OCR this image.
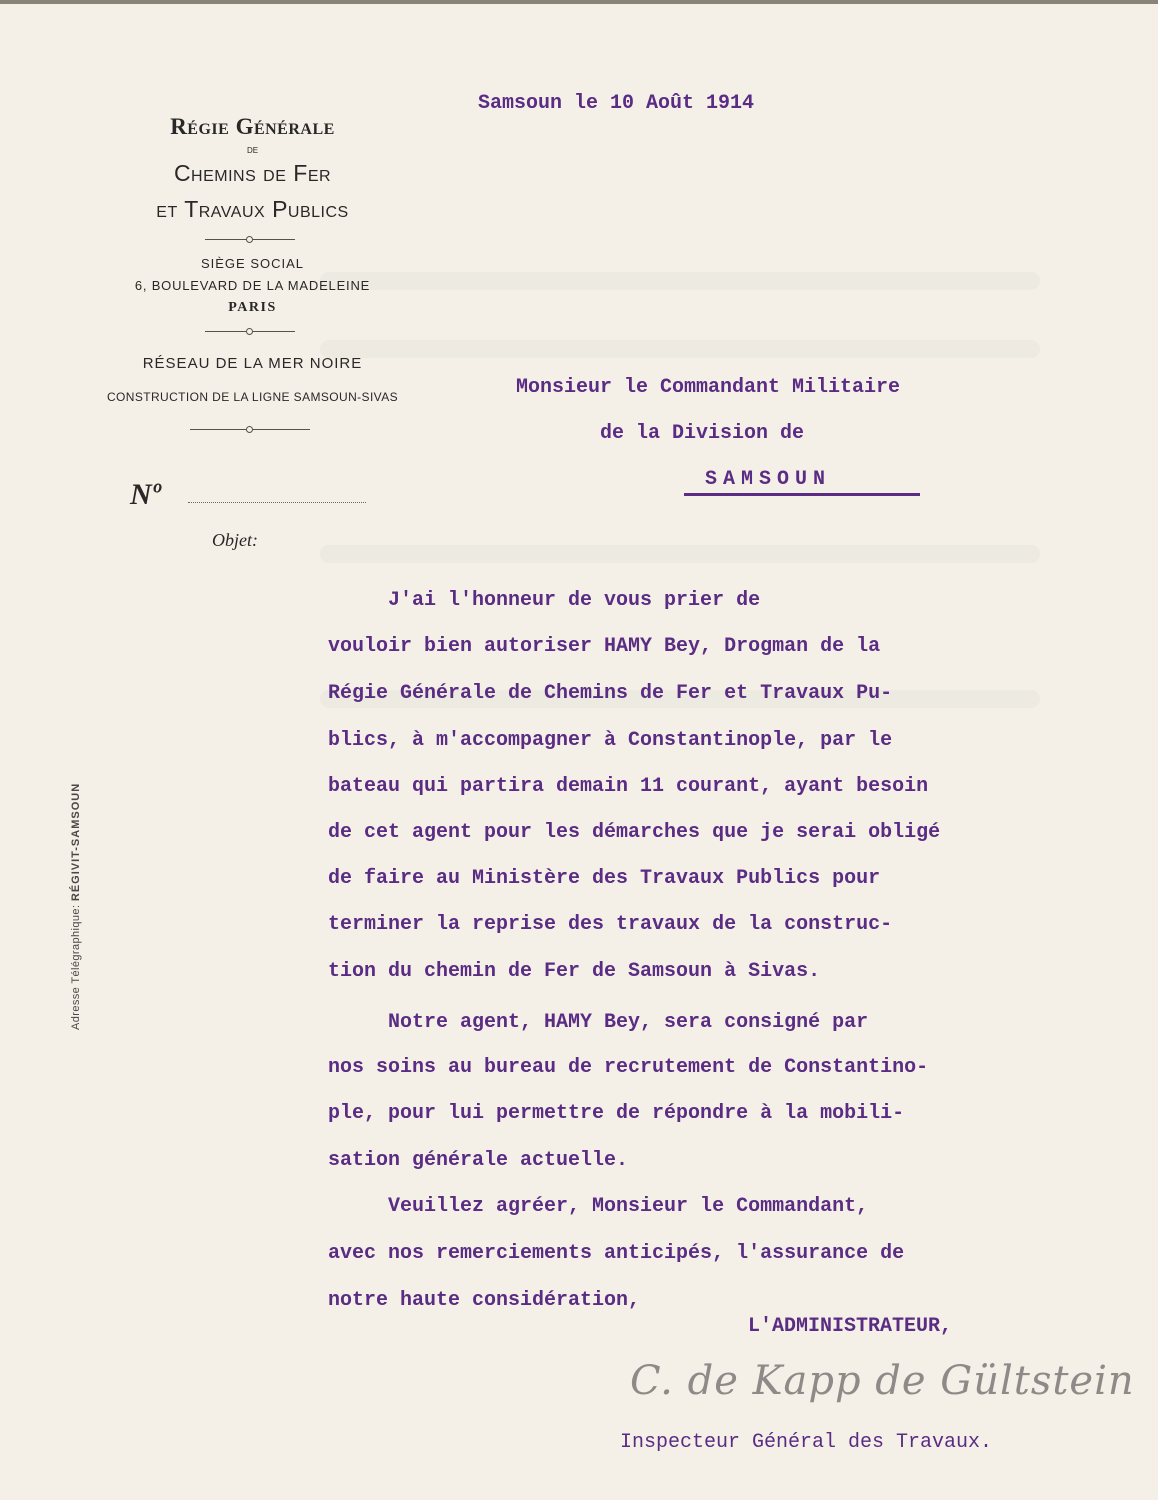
Régie Générale
DE
Chemins de Fer
et Travaux Publics
SIÈGE SOCIAL
6, BOULEVARD DE LA MADELEINE
PARIS
RÉSEAU DE LA MER NOIRE
CONSTRUCTION DE LA LIGNE SAMSOUN-SIVAS
Nº
Objet:
Adresse Télégraphique: RÉGIVIT-SAMSOUN
Samsoun le 10 Août 1914
Monsieur le Commandant Militaire
de la Division de
SAMSOUN
J'ai l'honneur de vous prier de
vouloir bien autoriser HAMY Bey, Drogman de la
Régie Générale de Chemins de Fer et Travaux Pu-
blics, à m'accompagner à Constantinople, par le
bateau qui partira demain 11 courant, ayant besoin
de cet agent pour les démarches que je serai obligé
de faire au Ministère des Travaux Publics pour
terminer la reprise des travaux de la construc-
tion du chemin de Fer de Samsoun à Sivas.
Notre agent, HAMY Bey, sera consigné par
nos soins au bureau de recrutement de Constantino-
ple, pour lui permettre de répondre à la mobili-
sation générale actuelle.
Veuillez agréer, Monsieur le Commandant,
avec nos remerciements anticipés, l'assurance de
notre haute considération,
L'ADMINISTRATEUR,
C. de Kapp de Gültstein
Inspecteur Général des Travaux.
